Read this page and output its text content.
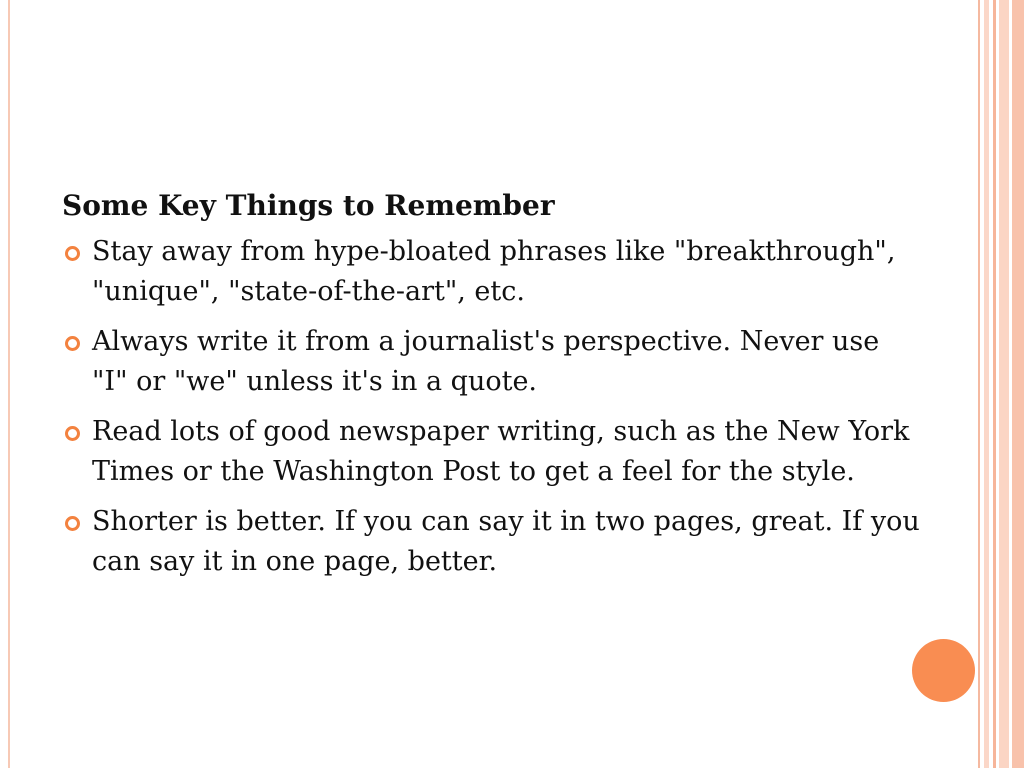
Some Key Things to Remember
Stay away from hype-bloated phrases like "breakthrough", "unique", "state-of-the-art", etc.
Always write it from a journalist's perspective. Never use "I" or "we" unless it's in a quote.
Read lots of good newspaper writing, such as the New York Times or the Washington Post to get a feel for the style.
Shorter is better. If you can say it in two pages, great. If you can say it in one page, better.
